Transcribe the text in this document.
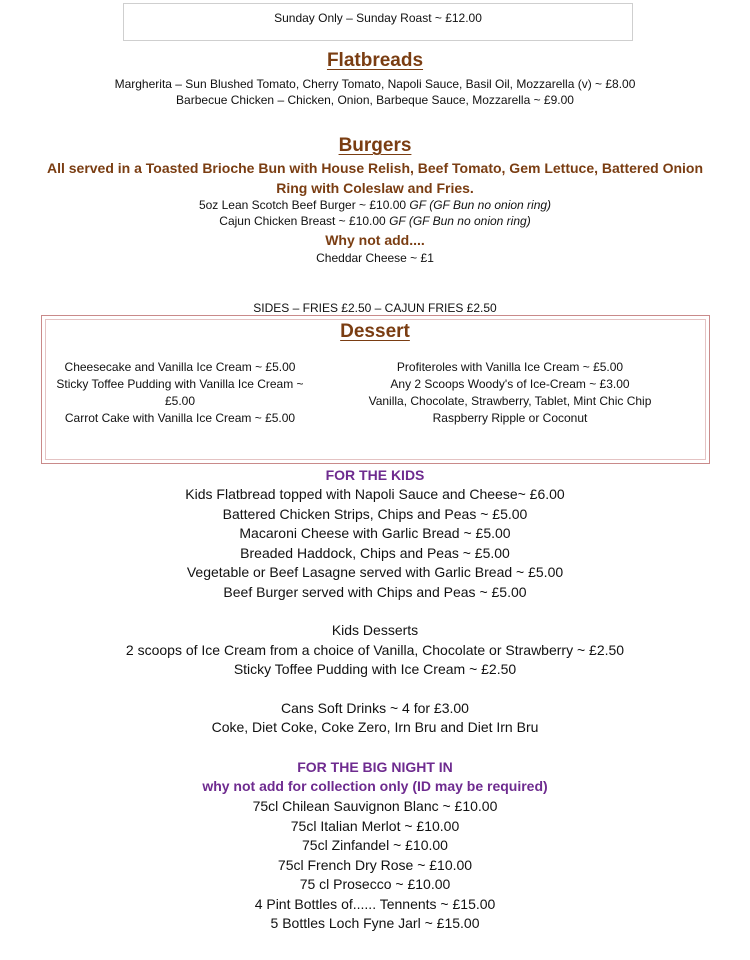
Sunday Only – Sunday Roast ~ £12.00
Flatbreads
Margherita – Sun Blushed Tomato, Cherry Tomato, Napoli Sauce, Basil Oil, Mozzarella (v) ~ £8.00
Barbecue Chicken – Chicken, Onion, Barbeque Sauce, Mozzarella ~ £9.00
Burgers
All served in a Toasted Brioche Bun with House Relish, Beef Tomato, Gem Lettuce, Battered Onion
Ring with Coleslaw and Fries.
5oz Lean Scotch Beef Burger ~ £10.00 GF (GF Bun no onion ring)
Cajun Chicken Breast ~ £10.00 GF (GF Bun no onion ring)
Why not add....
Cheddar Cheese ~ £1
SIDES – FRIES £2.50 – CAJUN FRIES £2.50
Dessert
Cheesecake and Vanilla Ice Cream ~ £5.00
Sticky Toffee Pudding with Vanilla Ice Cream ~ £5.00
Carrot Cake with Vanilla Ice Cream ~ £5.00
Profiteroles with Vanilla Ice Cream ~ £5.00
Any 2 Scoops Woody's of Ice-Cream ~ £3.00
Vanilla, Chocolate, Strawberry, Tablet, Mint Chic Chip
Raspberry Ripple or Coconut
FOR THE KIDS
Kids Flatbread topped with Napoli Sauce and Cheese~ £6.00
Battered Chicken Strips, Chips and Peas ~ £5.00
Macaroni Cheese with Garlic Bread ~ £5.00
Breaded Haddock, Chips and Peas ~ £5.00
Vegetable or Beef Lasagne served with Garlic Bread ~ £5.00
Beef Burger served with Chips and Peas ~ £5.00
Kids Desserts
2 scoops of Ice Cream from a choice of Vanilla, Chocolate or Strawberry ~ £2.50
Sticky Toffee Pudding with Ice Cream ~ £2.50
Cans Soft Drinks ~ 4 for £3.00
Coke, Diet Coke, Coke Zero, Irn Bru and Diet Irn Bru
FOR THE BIG NIGHT IN
why not add for collection only (ID may be required)
75cl Chilean Sauvignon Blanc ~ £10.00
75cl Italian Merlot ~ £10.00
75cl Zinfandel ~ £10.00
75cl French Dry Rose ~ £10.00
75 cl Prosecco ~ £10.00
4 Pint Bottles of...... Tennents ~ £15.00
5 Bottles Loch Fyne Jarl ~ £15.00
